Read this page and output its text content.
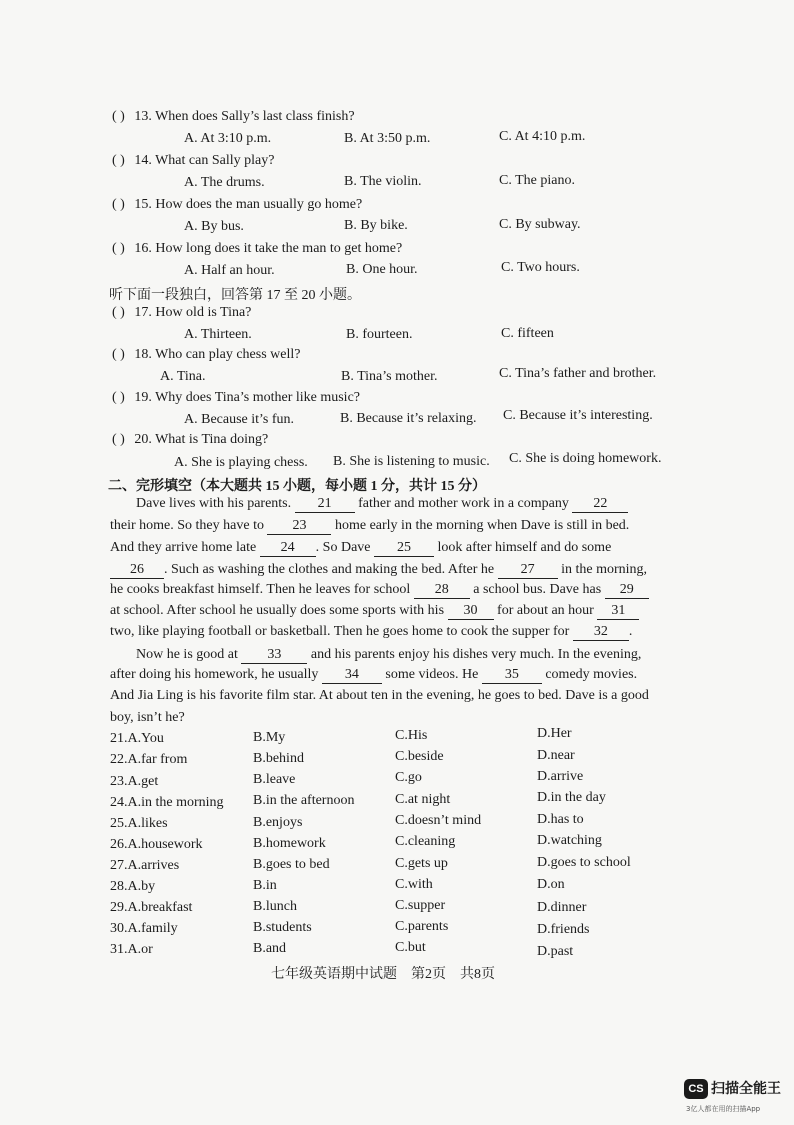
( ) 13. When does Sally’s last class finish?
A. At 3:10 p.m.	B. At 3:50 p.m.	C. At 4:10 p.m.
( ) 14. What can Sally play?
A. The drums.	B. The violin.	C. The piano.
( ) 15. How does the man usually go home?
A. By bus.	B. By bike.	C. By subway.
( ) 16. How long does it take the man to get home?
A. Half an hour.	B. One hour.	C. Two hours.
听下面一段独白，回答第 17 至 20 小题。
( ) 17. How old is Tina?
A. Thirteen.	B. fourteen.	C. fifteen
( ) 18. Who can play chess well?
A. Tina.	B. Tina’s mother.	C. Tina’s father and brother.
( ) 19. Why does Tina’s mother like music?
A. Because it’s fun.	B. Because it’s relaxing. C. Because it’s interesting.
( ) 20. What is Tina doing?
A. She is playing chess. B. She is listening to music. C. She is doing homework.
二、完形填空（本大题共 15 小题，每小题 1 分，共计 15 分）
Dave lives with his parents. 21 father and mother work in a company 22
their home. So they have to 23 home early in the morning when Dave is still in bed.
And they arrive home late 24 . So Dave 25 look after himself and do some
26 . Such as washing the clothes and making the bed. After he 27 in the morning,
he cooks breakfast himself. Then he leaves for school 28 a school bus. Dave has 29
at school. After school he usually does some sports with his 30 for about an hour 31
two, like playing football or basketball. Then he goes home to cook the supper for 32 .
Now he is good at 33 and his parents enjoy his dishes very much. In the evening,
after doing his homework, he usually 34 some videos. He 35 comedy movies.
And Jia Ling is his favorite film star. At about ten in the evening, he goes to bed. Dave is a good
boy, isn’t he?
21.A.You	B.My	C.His	D.Her
22.A.far from	B.behind	C.beside	D.near
23.A.get	B.leave	C.go	D.arrive
24.A.in the morning B.in the afternoon	C.at night	D.in the day
25.A.likes	B.enjoys	C.doesn’t mind	D.has to
26.A.housework	B.homework	C.cleaning	D.watching
27.A.arrives	B.goes to bed	C.gets up	D.goes to school
28.A.by	B.in	C.with	D.on
29.A.breakfast	B.lunch	C.supper	D.dinner
30.A.family	B.students	C.parents	D.friends
31.A.or	B.and	C.but	D.past
七年级英语期中试题　第2页　共8页
CS 扫描全能王
3亿人都在用的扫描App
